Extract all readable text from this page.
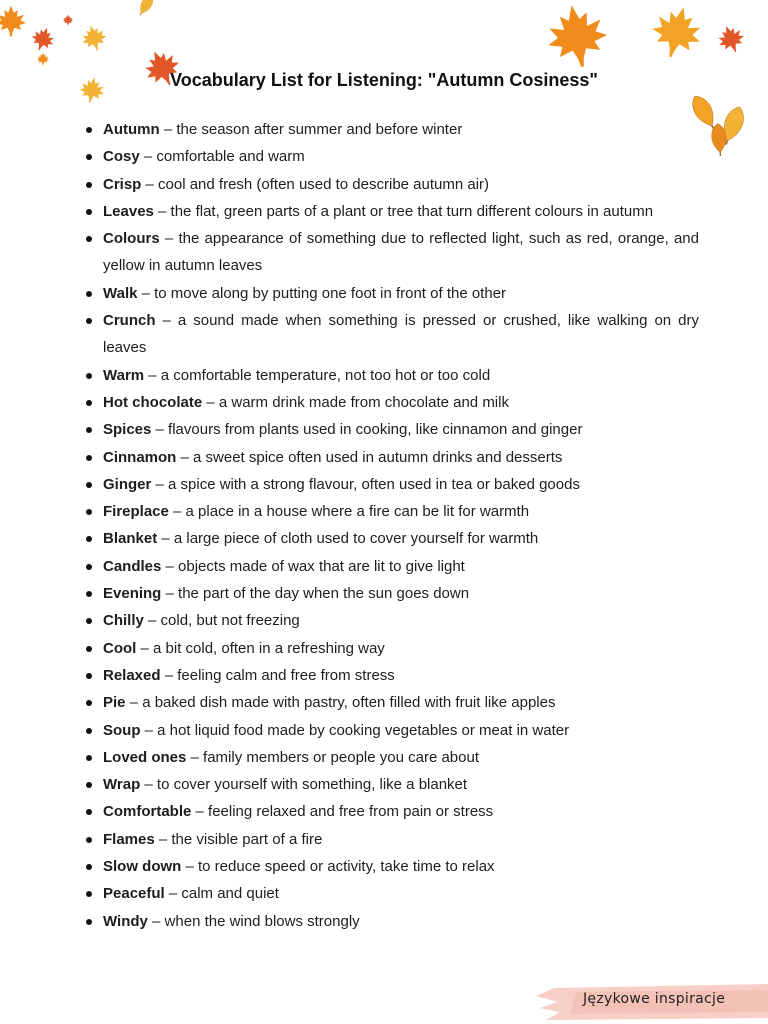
Vocabulary List for Listening: "Autumn Cosiness"
Autumn – the season after summer and before winter
Cosy – comfortable and warm
Crisp – cool and fresh (often used to describe autumn air)
Leaves – the flat, green parts of a plant or tree that turn different colours in autumn
Colours – the appearance of something due to reflected light, such as red, orange, and yellow in autumn leaves
Walk – to move along by putting one foot in front of the other
Crunch – a sound made when something is pressed or crushed, like walking on dry leaves
Warm – a comfortable temperature, not too hot or too cold
Hot chocolate – a warm drink made from chocolate and milk
Spices – flavours from plants used in cooking, like cinnamon and ginger
Cinnamon – a sweet spice often used in autumn drinks and desserts
Ginger – a spice with a strong flavour, often used in tea or baked goods
Fireplace – a place in a house where a fire can be lit for warmth
Blanket – a large piece of cloth used to cover yourself for warmth
Candles – objects made of wax that are lit to give light
Evening – the part of the day when the sun goes down
Chilly – cold, but not freezing
Cool – a bit cold, often in a refreshing way
Relaxed – feeling calm and free from stress
Pie – a baked dish made with pastry, often filled with fruit like apples
Soup – a hot liquid food made by cooking vegetables or meat in water
Loved ones – family members or people you care about
Wrap – to cover yourself with something, like a blanket
Comfortable – feeling relaxed and free from pain or stress
Flames – the visible part of a fire
Slow down – to reduce speed or activity, take time to relax
Peaceful – calm and quiet
Windy – when the wind blows strongly
Językowe inspiracje
